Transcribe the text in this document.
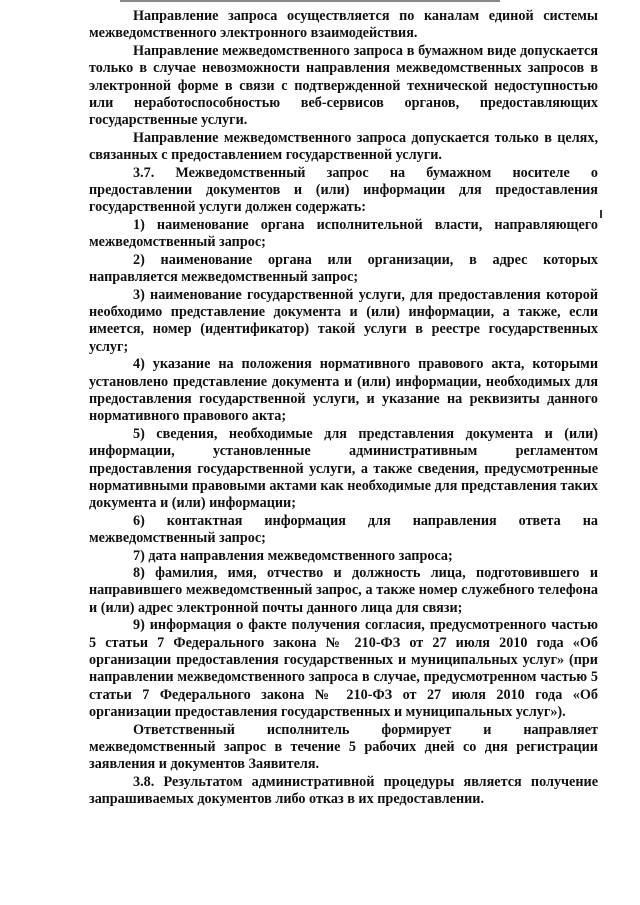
Направление запроса осуществляется по каналам единой системы межведомственного электронного взаимодействия.

Направление межведомственного запроса в бумажном виде допускается только в случае невозможности направления межведомственных запросов в электронной форме в связи с подтвержденной технической недоступностью или неработоспособностью веб-сервисов органов, предоставляющих государственные услуги.

Направление межведомственного запроса допускается только в целях, связанных с предоставлением государственной услуги.

3.7. Межведомственный запрос на бумажном носителе о предоставлении документов и (или) информации для предоставления государственной услуги должен содержать:

1) наименование органа исполнительной власти, направляющего межведомственный запрос;

2) наименование органа или организации, в адрес которых направляется межведомственный запрос;

3) наименование государственной услуги, для предоставления которой необходимо представление документа и (или) информации, а также, если имеется, номер (идентификатор) такой услуги в реестре государственных услуг;

4) указание на положения нормативного правового акта, которыми установлено представление документа и (или) информации, необходимых для предоставления государственной услуги, и указание на реквизиты данного нормативного правового акта;

5) сведения, необходимые для представления документа и (или) информации, установленные административным регламентом предоставления государственной услуги, а также сведения, предусмотренные нормативными правовыми актами как необходимые для представления таких документа и (или) информации;

6) контактная информация для направления ответа на межведомственный запрос;

7) дата направления межведомственного запроса;

8) фамилия, имя, отчество и должность лица, подготовившего и направившего межведомственный запрос, а также номер служебного телефона и (или) адрес электронной почты данного лица для связи;

9) информация о факте получения согласия, предусмотренного частью 5 статьи 7 Федерального закона № 210-ФЗ от 27 июля 2010 года «Об организации предоставления государственных и муниципальных услуг» (при направлении межведомственного запроса в случае, предусмотренном частью 5 статьи 7 Федерального закона № 210-ФЗ от 27 июля 2010 года «Об организации предоставления государственных и муниципальных услуг»).

Ответственный исполнитель формирует и направляет межведомственный запрос в течение 5 рабочих дней со дня регистрации заявления и документов Заявителя.

3.8. Результатом административной процедуры является получение запрашиваемых документов либо отказ в их предоставлении.
